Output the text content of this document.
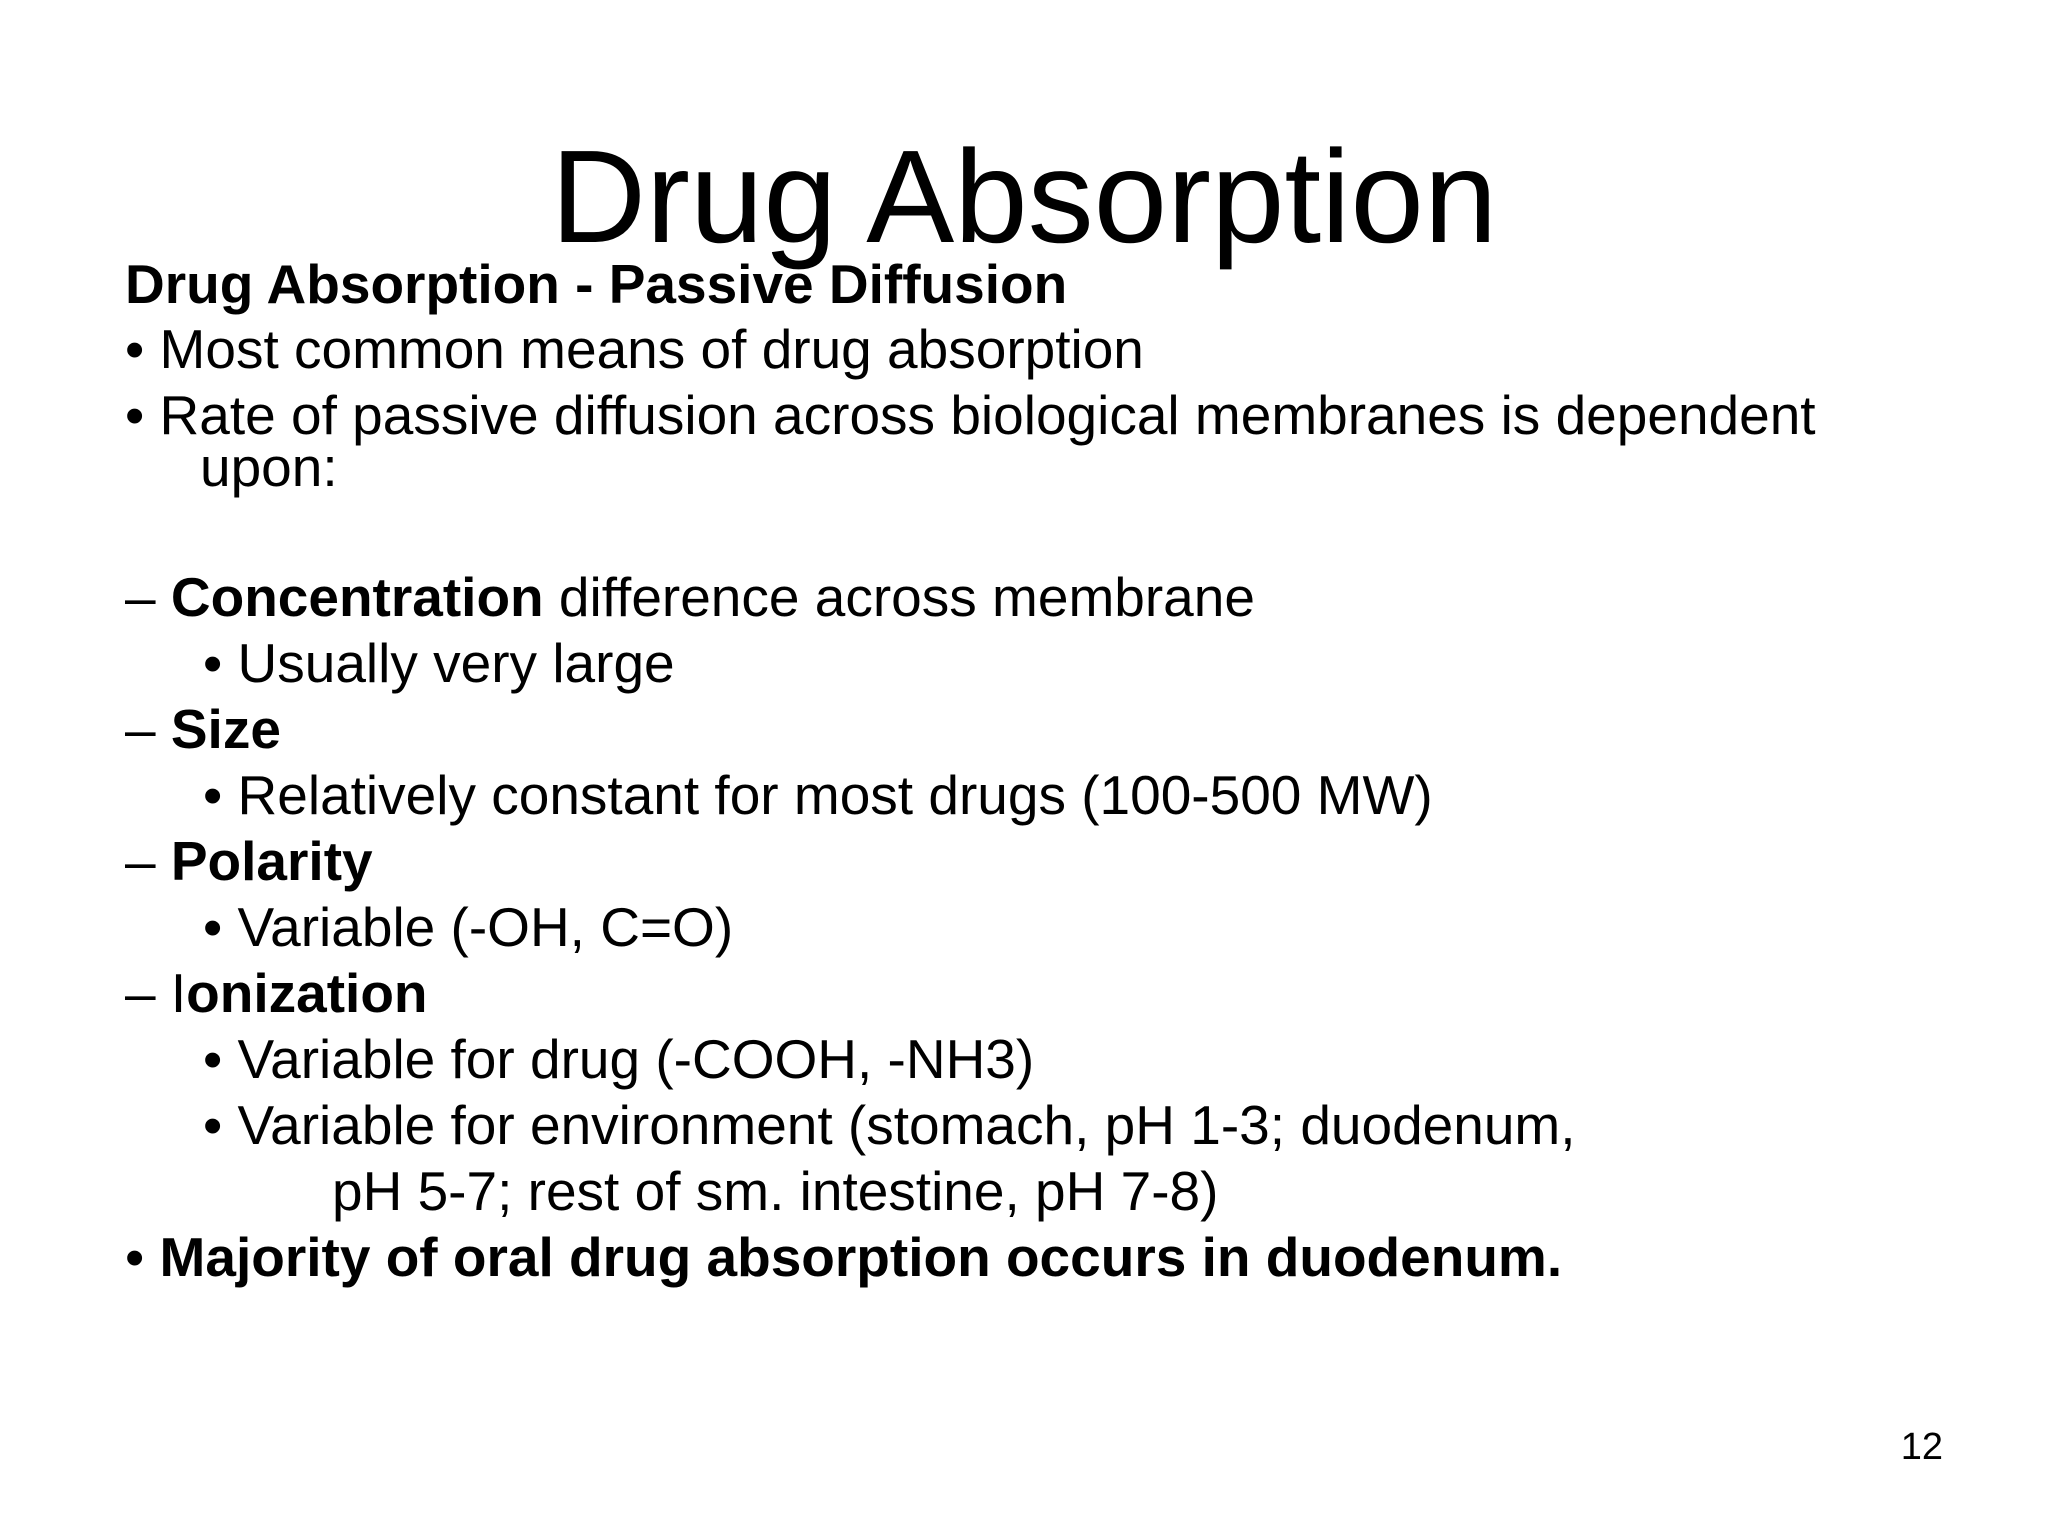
Drug Absorption
Drug Absorption - Passive Diffusion
• Most common means of drug absorption
• Rate of passive diffusion across biological membranes is dependent
upon:
– Concentration difference across membrane
• Usually very large
– Size
• Relatively constant for most drugs (100-500 MW)
– Polarity
• Variable (-OH, C=O)
– Ionization
• Variable for drug (-COOH, -NH3)
• Variable for environment (stomach, pH 1-3; duodenum,
pH 5-7; rest of sm. intestine, pH 7-8)
• Majority of oral drug absorption occurs in duodenum.
12
